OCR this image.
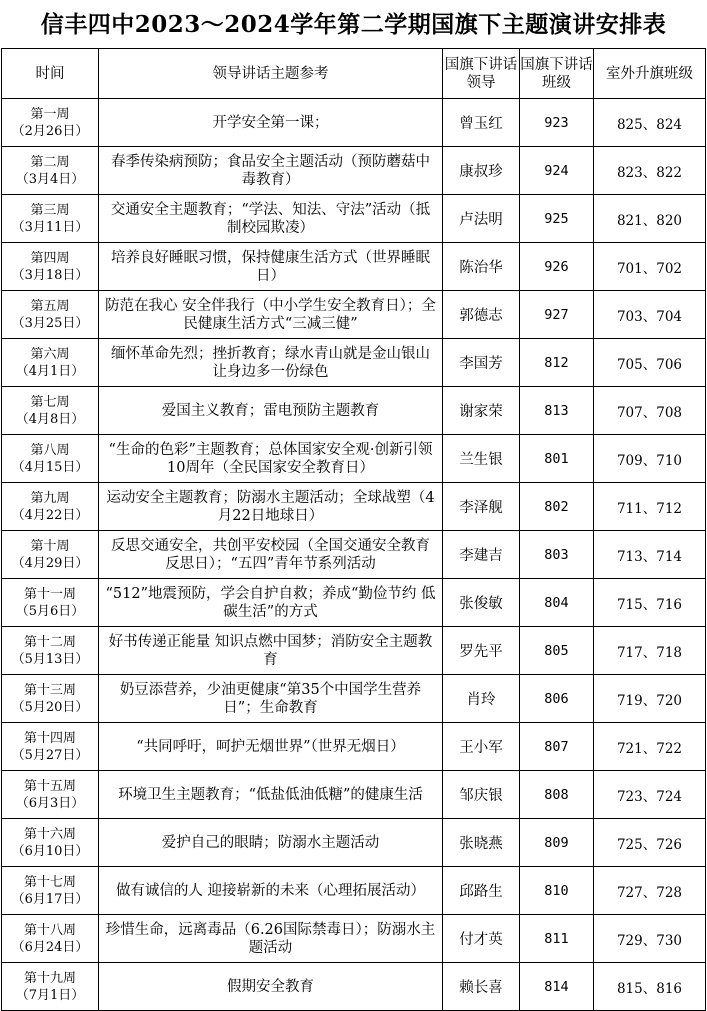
信丰四中2023～2024学年第二学期国旗下主题演讲安排表
时间	领导讲话主题参考	国旗下讲话领导	国旗下讲话班级	室外升旗班级

第一周
（2月26日）	开学安全第一课；	曾玉红	923	825、824

第二周
（3月4日）	春季传染病预防；食品安全主题活动（预防蘑菇中毒教育）	康叔珍	924	823、822

第三周
（3月11日）	交通安全主题教育；“学法、知法、守法”活动（抵制校园欺凌）	卢法明	925	821、820

第四周
（3月18日）	培养良好睡眠习惯，保持健康生活方式（世界睡眠日）	陈治华	926	701、702

第五周
（3月25日）	防范在我心 安全伴我行（中小学生安全教育日）；全民健康生活方式“三减三健”	郭德志	927	703、704

第六周
（4月1日）	缅怀革命先烈；挫折教育；绿水青山就是金山银山 让身边多一份绿色	李国芳	812	705、706

第七周
（4月8日）	爱国主义教育；雷电预防主题教育	谢家荣	813	707、708

第八周
（4月15日）	“生命的色彩”主题教育；总体国家安全观·创新引领10周年（全民国家安全教育日）	兰生银	801	709、710

第九周
（4月22日）	运动安全主题教育；防溺水主题活动；全球战塑（4月22日地球日）	李泽舰	802	711、712

第十周
（4月29日）	反思交通安全，共创平安校园（全国交通安全教育反思日）；“五四”青年节系列活动	李建吉	803	713、714

第十一周
（5月6日）	“512”地震预防，学会自护自救；养成“勤俭节约 低碳生活”的方式	张俊敏	804	715、716

第十二周
（5月13日）	好书传递正能量 知识点燃中国梦；消防安全主题教育	罗先平	805	717、718

第十三周
（5月20日）	奶豆添营养，少油更健康“第35个中国学生营养日”；生命教育	肖玲	806	719、720

第十四周
（5月27日）	“共同呼吁，呵护无烟世界”（世界无烟日）	王小军	807	721、722

第十五周
（6月3日）	环境卫生主题教育；“低盐低油低糖”的健康生活	邹庆银	808	723、724

第十六周
（6月10日）	爱护自己的眼睛；防溺水主题活动	张晓燕	809	725、726

第十七周
（6月17日）	做有诚信的人 迎接崭新的未来（心理拓展活动）	邱路生	810	727、728

第十八周
（6月24日）	珍惜生命，远离毒品（6.26国际禁毒日）；防溺水主题活动	付才英	811	729、730

第十九周
（7月1日）	假期安全教育	赖长喜	814	815、816
